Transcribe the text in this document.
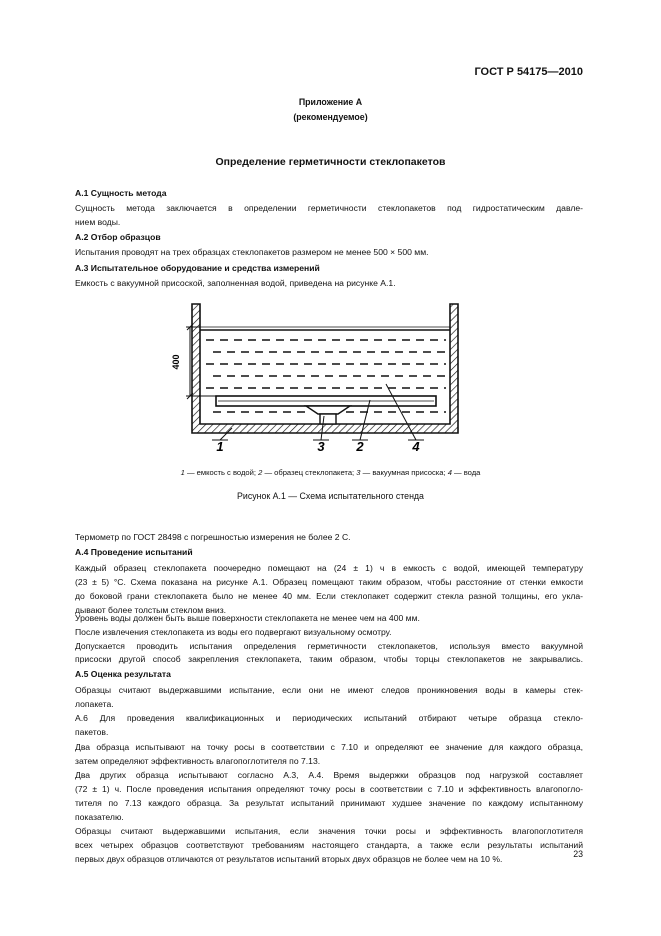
ГОСТ Р 54175—2010
Приложение А
(рекомендуемое)
Определение герметичности стеклопакетов
А.1 Сущность метода
Сущность метода заключается в определении герметичности стеклопакетов под гидростатическим давле-
нием воды.
А.2 Отбор образцов
Испытания проводят на трех образцах стеклопакетов размером не менее 500 × 500 мм.
А.3 Испытательное оборудование и средства измерений
Емкость с вакуумной присоской, заполненная водой, приведена на рисунке А.1.
400
1	3 2	4
1 — емкость с водой; 2 — образец стеклопакета; 3 — вакуумная присоска; 4 — вода
Рисунок А.1 — Схема испытательного стенда
Термометр по ГОСТ 28498 с погрешностью измерения не более 2 С.
А.4 Проведение испытаний
Каждый образец стеклопакета поочередно помещают на (24 ± 1) ч в емкость с водой, имеющей температуру
(23 ± 5) °С. Схема показана на рисунке А.1. Образец помещают таким образом, чтобы расстояние от стенки емкости
до боковой грани стеклопакета было не менее 40 мм. Если стеклопакет содержит стекла разной толщины, его укла-
дывают более толстым стеклом вниз.
Уровень воды должен быть выше поверхности стеклопакета не менее чем на 400 мм.
После извлечения стеклопакета из воды его подвергают визуальному осмотру.
Допускается проводить испытания определения герметичности стеклопакетов, используя вместо вакуумной
присоски другой способ закрепления стеклопакета, таким образом, чтобы торцы стеклопакетов не закрывались.
А.5 Оценка результата
Образцы считают выдержавшими испытание, если они не имеют следов проникновения воды в камеры стек-
лопакета.
А.6 Для проведения квалификационных и периодических испытаний отбирают четыре образца стекло-
пакетов.
Два образца испытывают на точку росы в соответствии с 7.10 и определяют ее значение для каждого образца,
затем определяют эффективность влагопоглотителя по 7.13.
Два других образца испытывают согласно А.3, А.4. Время выдержки образцов под нагрузкой составляет
(72 ± 1) ч. После проведения испытания определяют точку росы в соответствии с 7.10 и эффективность влагопогло-
тителя по 7.13 каждого образца. За результат испытаний принимают худшее значение по каждому испытанному
показателю.
Образцы считают выдержавшими испытания, если значения точки росы и эффективность влагопоглотителя
всех четырех образцов соответствуют требованиям настоящего стандарта, а также если результаты испытаний
первых двух образцов отличаются от результатов испытаний вторых двух образцов не более чем на 10 %.	23
